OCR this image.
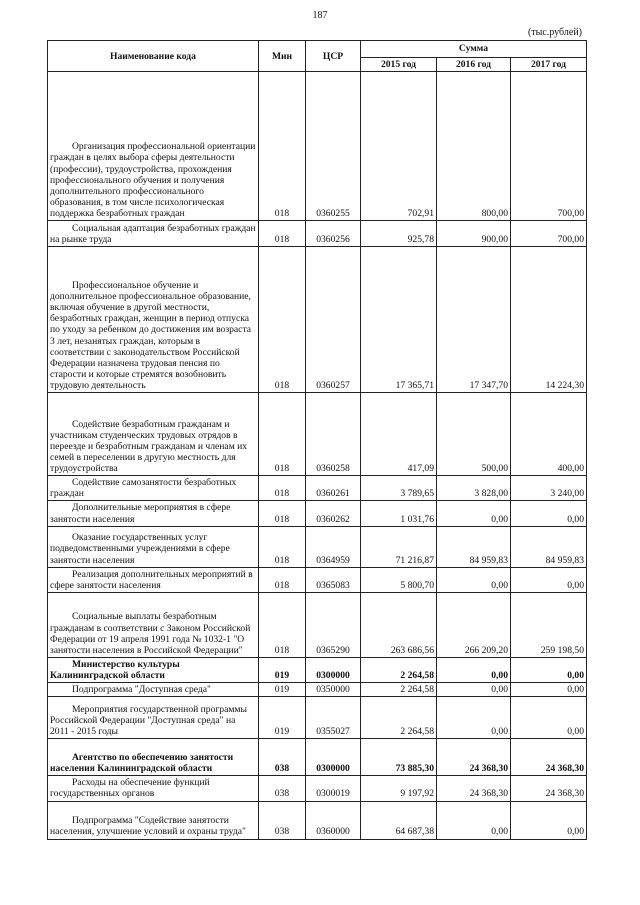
187
(тыс.рублей)
Наименование кода	Мин	ЦСР	Сумма		
			2015 год	2016 год	2017 год
Организация профессиональной ориентации граждан в целях выбора сферы деятельности (профессии), трудоустройства, прохождения профессионального обучения и получения дополнительного профессионального образования, в том числе психологическая поддержка безработных граждан	018	0360255	702,91	800,00	700,00
Социальная адаптация безработных граждан на рынке труда	018	0360256	925,78	900,00	700,00
Профессиональное обучение и дополнительное профессиональное образование, включая обучение в другой местности, безработных граждан, женщин в период отпуска по уходу за ребенком до достижения им возраста 3 лет, незанятых граждан, которым в соответствии с законодательством Российской Федерации назначена трудовая пенсия по старости и которые стремятся возобновить трудовую деятельность	018	0360257	17 365,71	17 347,70	14 224,30
Содействие безработным гражданам и участникам студенческих трудовых отрядов в переезде и безработным гражданам и членам их семей в переселении в другую местность для трудоустройства	018	0360258	417,09	500,00	400,00
Содействие самозанятости безработных граждан	018	0360261	3 789,65	3 828,00	3 240,00
Дополнительные мероприятия в сфере занятости населения	018	0360262	1 031,76	0,00	0,00
Оказание государственных услуг подведомственными учреждениями в сфере занятости населения	018	0364959	71 216,87	84 959,83	84 959,83
Реализация дополнительных мероприятий в сфере занятости населения	018	0365083	5 800,70	0,00	0,00
Социальные выплаты безработным гражданам в соответствии с Законом Российской Федерации от 19 апреля 1991 года № 1032-1 "О занятости населения в Российской Федерации"	018	0365290	263 686,56	266 209,20	259 198,50
Министерство культуры Калининградской области	019	0300000	2 264,58	0,00	0,00
Подпрограмма "Доступная среда"	019	0350000	2 264,58	0,00	0,00
Мероприятия государственной программы Российской Федерации "Доступная среда" на 2011 - 2015 годы	019	0355027	2 264,58	0,00	0,00
Агентство по обеспечению занятости населения Калининградской области	038	0300000	73 885,30	24 368,30	24 368,30
Расходы на обеспечение функций государственных органов	038	0300019	9 197,92	24 368,30	24 368,30
Подпрограмма "Содействие занятости населения, улучшение условий и охраны труда"	038	0360000	64 687,38	0,00	0,00
